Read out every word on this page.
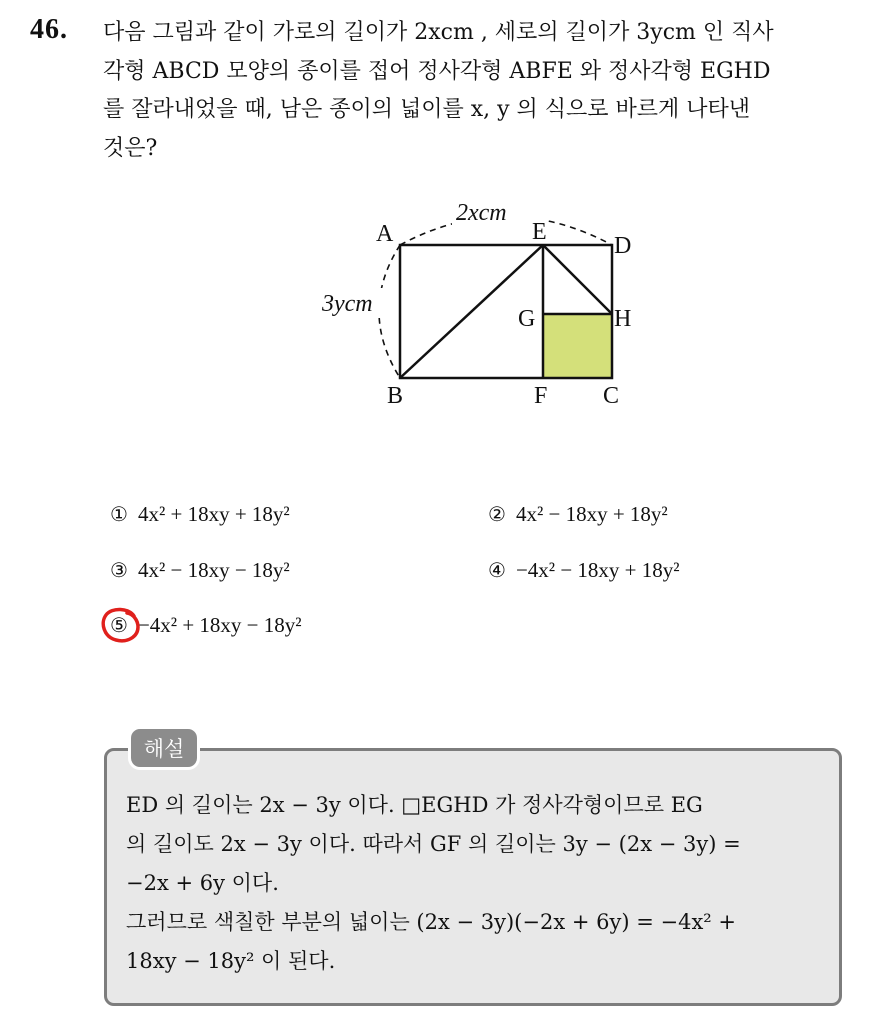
46. 다음 그림과 같이 가로의 길이가 2xcm , 세로의 길이가 3ycm 인 직사
각형 ABCD 모양의 종이를 접어 정사각형 ABFE 와 정사각형 EGHD
를 잘라내었을 때, 남은 종이의 넓이를 x, y 의 식으로 바르게 나타낸
것은?
2xcm
3ycm
A	E
D
G	H
B	F C
① 4x² + 18xy + 18y²	② 4x² − 18xy + 18y²
③ 4x² − 18xy − 18y²	④ −4x² − 18xy + 18y²
⑤ −4x² + 18xy − 18y²
해설
ED 의 길이는 2x − 3y 이다. □EGHD 가 정사각형이므로 EG
의 길이도 2x − 3y 이다. 따라서 GF 의 길이는 3y − (2x − 3y) =
−2x + 6y 이다.
그러므로 색칠한 부분의 넓이는 (2x − 3y)(−2x + 6y) = −4x² +
18xy − 18y² 이 된다.
